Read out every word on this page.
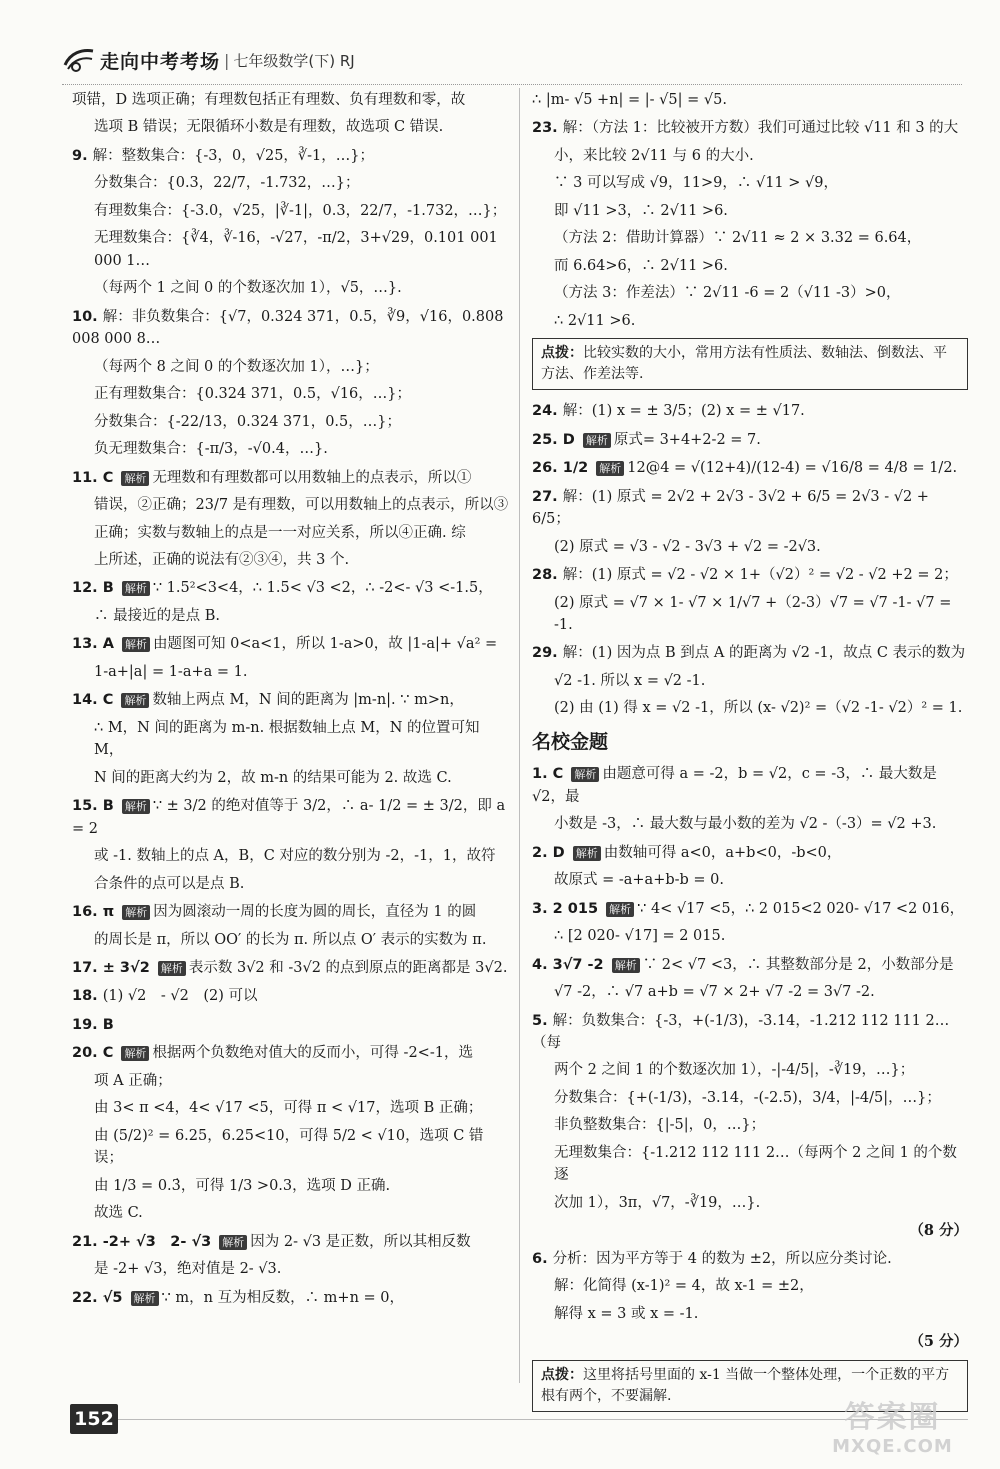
走向中考考场 | 七年级数学(下) RJ
项错，D 选项正确；有理数包括正有理数、负有理数和零，故
选项 B 错误；无限循环小数是有理数，故选项 C 错误.
9. 解：整数集合：{-3，0，√25，∛-1，…}；
分数集合：{0.3，22/7，-1.732，…}；
有理数集合：{-3.0，√25，|∛-1|，0.3，22/7，-1.732，…}；
无理数集合：{∛4，∛-16，-√27，-π/2，3+√29，0.101 001 000 1…
（每两个 1 之间 0 的个数逐次加 1），√5，…}.
10. 解：非负数集合：{√7，0.324 371，0.5，∛9，√16，0.808 008 000 8…
（每两个 8 之间 0 的个数逐次加 1），…}；
正有理数集合：{0.324 371，0.5，√16，…}；
分数集合：{-22/13，0.324 371，0.5，…}；
负无理数集合：{-π/3，-√0.4，…}.
11. C 解析 无理数和有理数都可以用数轴上的点表示，所以①
错误，②正确；23/7 是有理数，可以用数轴上的点表示，所以③
正确；实数与数轴上的点是一一对应关系，所以④正确. 综
上所述，正确的说法有②③④，共 3 个.
12. B 解析 ∵ 1.5²<3<4，∴ 1.5< √3 <2，∴ -2<- √3 <-1.5，
∴ 最接近的是点 B.
13. A 解析 由题图可知 0<a<1，所以 1-a>0，故 |1-a|+ √a² =
1-a+|a| = 1-a+a = 1.
14. C 解析 数轴上两点 M，N 间的距离为 |m-n|. ∵ m>n，
∴ M，N 间的距离为 m-n. 根据数轴上点 M，N 的位置可知 M，
N 间的距离大约为 2，故 m-n 的结果可能为 2. 故选 C.
15. B 解析 ∵ ± 3/2 的绝对值等于 3/2，∴ a- 1/2 = ± 3/2，即 a = 2
或 -1. 数轴上的点 A，B，C 对应的数分别为 -2，-1，1，故符
合条件的点可以是点 B.
16. π 解析 因为圆滚动一周的长度为圆的周长，直径为 1 的圆
的周长是 π，所以 OO′ 的长为 π. 所以点 O′ 表示的实数为 π.
17. ± 3√2 解析 表示数 3√2 和 -3√2 的点到原点的距离都是 3√2.
18. (1) √2　- √2　(2) 可以
19. B
20. C 解析 根据两个负数绝对值大的反而小，可得 -2<-1，选
项 A 正确；
由 3< π <4，4< √17 <5，可得 π < √17，选项 B 正确；
由 (5/2)² = 6.25，6.25<10，可得 5/2 < √10，选项 C 错误；
由 1/3 = 0.3̇，可得 1/3 >0.3，选项 D 正确.
故选 C.
21. -2+ √3　2- √3 解析 因为 2- √3 是正数，所以其相反数
是 -2+ √3，绝对值是 2- √3.
22. √5 解析 ∵ m，n 互为相反数，∴ m+n = 0，
∴ |m- √5 +n| = |- √5| = √5.
23. 解：（方法 1：比较被开方数）我们可通过比较 √11 和 3 的大
小，来比较 2√11 与 6 的大小.
∵ 3 可以写成 √9，11>9，∴ √11 > √9，
即 √11 >3，∴ 2√11 >6.
（方法 2：借助计算器）∵ 2√11 ≈ 2 × 3.32 = 6.64，
而 6.64>6，∴ 2√11 >6.
（方法 3：作差法）∵ 2√11 -6 = 2（√11 -3）>0，
∴ 2√11 >6.
点拨：比较实数的大小，常用方法有性质法、数轴法、倒数法、平方法、作差法等.
24. 解：(1) x = ± 3/5；(2) x = ± √17.
25. D 解析 原式= 3+4+2-2 = 7.
26. 1/2 解析 12@4 = √(12+4)/(12-4) = √16/8 = 4/8 = 1/2.
27. 解：(1) 原式 = 2√2 + 2√3 - 3√2 + 6/5 = 2√3 - √2 + 6/5；
(2) 原式 = √3 - √2 - 3√3 + √2 = -2√3.
28. 解：(1) 原式 = √2 - √2 × 1+（√2）² = √2 - √2 +2 = 2；
(2) 原式 = √7 × 1- √7 × 1/√7 +（2-3）√7 = √7 -1- √7 = -1.
29. 解：(1) 因为点 B 到点 A 的距离为 √2 -1，故点 C 表示的数为
√2 -1. 所以 x = √2 -1.
(2) 由 (1) 得 x = √2 -1，所以 (x- √2)² =（√2 -1- √2）² = 1.
名校金题
1. C 解析 由题意可得 a = -2，b = √2，c = -3，∴ 最大数是 √2，最
小数是 -3，∴ 最大数与最小数的差为 √2 -（-3）= √2 +3.
2. D 解析 由数轴可得 a<0，a+b<0，-b<0，
故原式 = -a+a+b-b = 0.
3. 2 015 解析 ∵ 4< √17 <5，∴ 2 015<2 020- √17 <2 016，
∴ [2 020- √17] = 2 015.
4. 3√7 -2 解析 ∵ 2< √7 <3，∴ 其整数部分是 2，小数部分是
√7 -2，∴ √7 a+b = √7 × 2+ √7 -2 = 3√7 -2.
5. 解：负数集合：{-3，+(-1/3)，-3.14，-1.212 112 111 2…（每
两个 2 之间 1 的个数逐次加 1），-|-4/5|，-∛19，…}；
分数集合：{+(-1/3)，-3.14，-(-2.5)，3/4，|-4/5|，…}；
非负整数集合：{|-5|，0，…}；
无理数集合：{-1.212 112 111 2…（每两个 2 之间 1 的个数逐
次加 1），3π，√7，-∛19，…}.
（8 分）

6. 分析：因为平方等于 4 的数为 ±2，所以应分类讨论.
解：化简得 (x-1)² = 4，故 x-1 = ±2，
解得 x = 3 或 x = -1.
（5 分）

点拨：这里将括号里面的 x-1 当做一个整体处理，一个正数的平方根有两个，不要漏解.
152	答案圈
MXQE.COM
